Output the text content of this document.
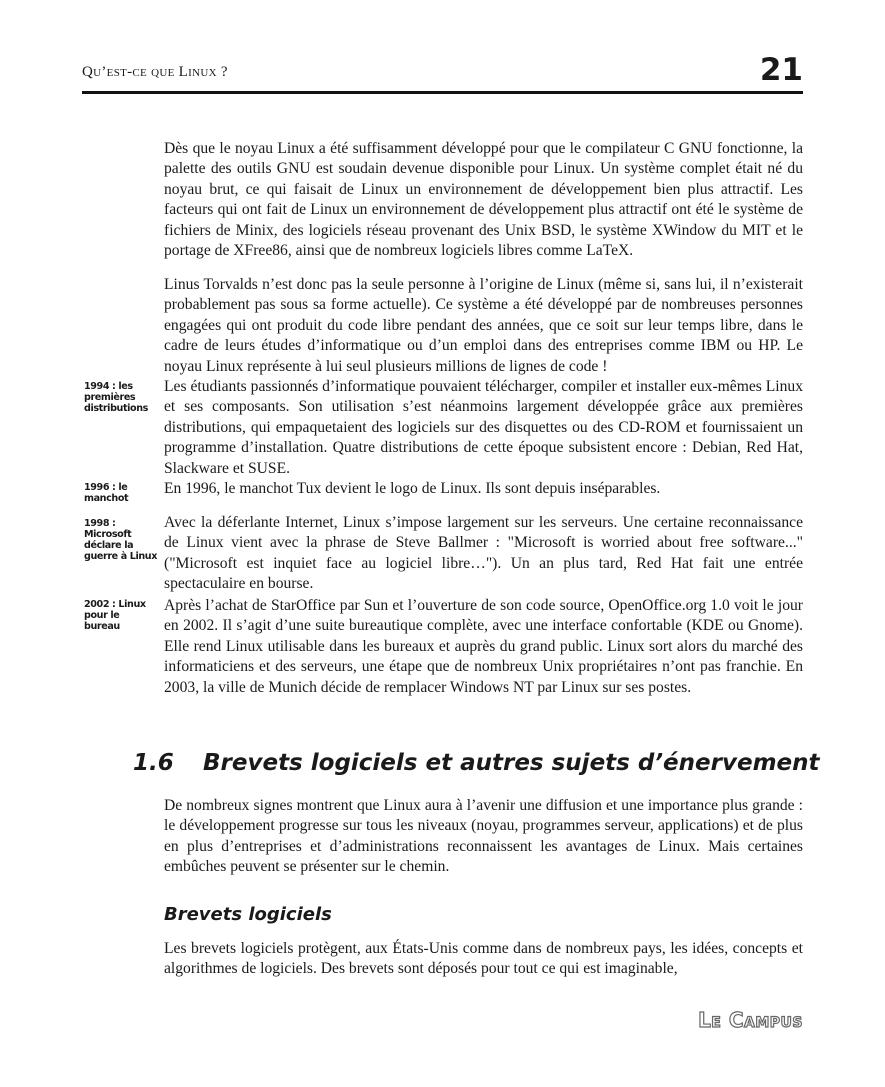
Qu’est-ce que Linux ?	21

Dès que le noyau Linux a été suffisamment développé pour que le compilateur C GNU fonctionne, la palette des outils GNU est soudain devenue disponible pour Linux. Un système complet était né du noyau brut, ce qui faisait de Linux un environnement de développement bien plus attractif. Les facteurs qui ont fait de Linux un environnement de développement plus attractif ont été le système de fichiers de Minix, des logiciels réseau provenant des Unix BSD, le système XWindow du MIT et le portage de XFree86, ainsi que de nombreux logiciels libres comme LaTeX.

Linus Torvalds n’est donc pas la seule personne à l’origine de Linux (même si, sans lui, il n’existerait probablement pas sous sa forme actuelle). Ce système a été développé par de nombreuses personnes engagées qui ont produit du code libre pendant des années, que ce soit sur leur temps libre, dans le cadre de leurs études d’informatique ou d’un emploi dans des entreprises comme IBM ou HP. Le noyau Linux représente à lui seul plusieurs millions de lignes de code !

1994 : les premières distributions

Les étudiants passionnés d’informatique pouvaient télécharger, compiler et installer eux-mêmes Linux et ses composants. Son utilisation s’est néanmoins largement développée grâce aux premières distributions, qui empaquetaient des logiciels sur des disquettes ou des CD-ROM et fournissaient un programme d’installation. Quatre distributions de cette époque subsistent encore : Debian, Red Hat, Slackware et SUSE.

1996 : le manchot

En 1996, le manchot Tux devient le logo de Linux. Ils sont depuis inséparables.

1998 : Microsoft déclare la guerre à Linux

Avec la déferlante Internet, Linux s’impose largement sur les serveurs. Une certaine reconnaissance de Linux vient avec la phrase de Steve Ballmer : "Microsoft is worried about free software..." ("Microsoft est inquiet face au logiciel libre…"). Un an plus tard, Red Hat fait une entrée spectaculaire en bourse.

2002 : Linux pour le bureau

Après l’achat de StarOffice par Sun et l’ouverture de son code source, OpenOffice.org 1.0 voit le jour en 2002. Il s’agit d’une suite bureautique complète, avec une interface confortable (KDE ou Gnome). Elle rend Linux utilisable dans les bureaux et auprès du grand public. Linux sort alors du marché des informaticiens et des serveurs, une étape que de nombreux Unix propriétaires n’ont pas franchie. En 2003, la ville de Munich décide de remplacer Windows NT par Linux sur ses postes.

1.6 Brevets logiciels et autres sujets d’énervement

De nombreux signes montrent que Linux aura à l’avenir une diffusion et une importance plus grande : le développement progresse sur tous les niveaux (noyau, programmes serveur, applications) et de plus en plus d’entreprises et d’administrations reconnaissent les avantages de Linux. Mais certaines embûches peuvent se présenter sur le chemin.

Brevets logiciels

Les brevets logiciels protègent, aux États-Unis comme dans de nombreux pays, les idées, concepts et algorithmes de logiciels. Des brevets sont déposés pour tout ce qui est imaginable,

Le Campus
